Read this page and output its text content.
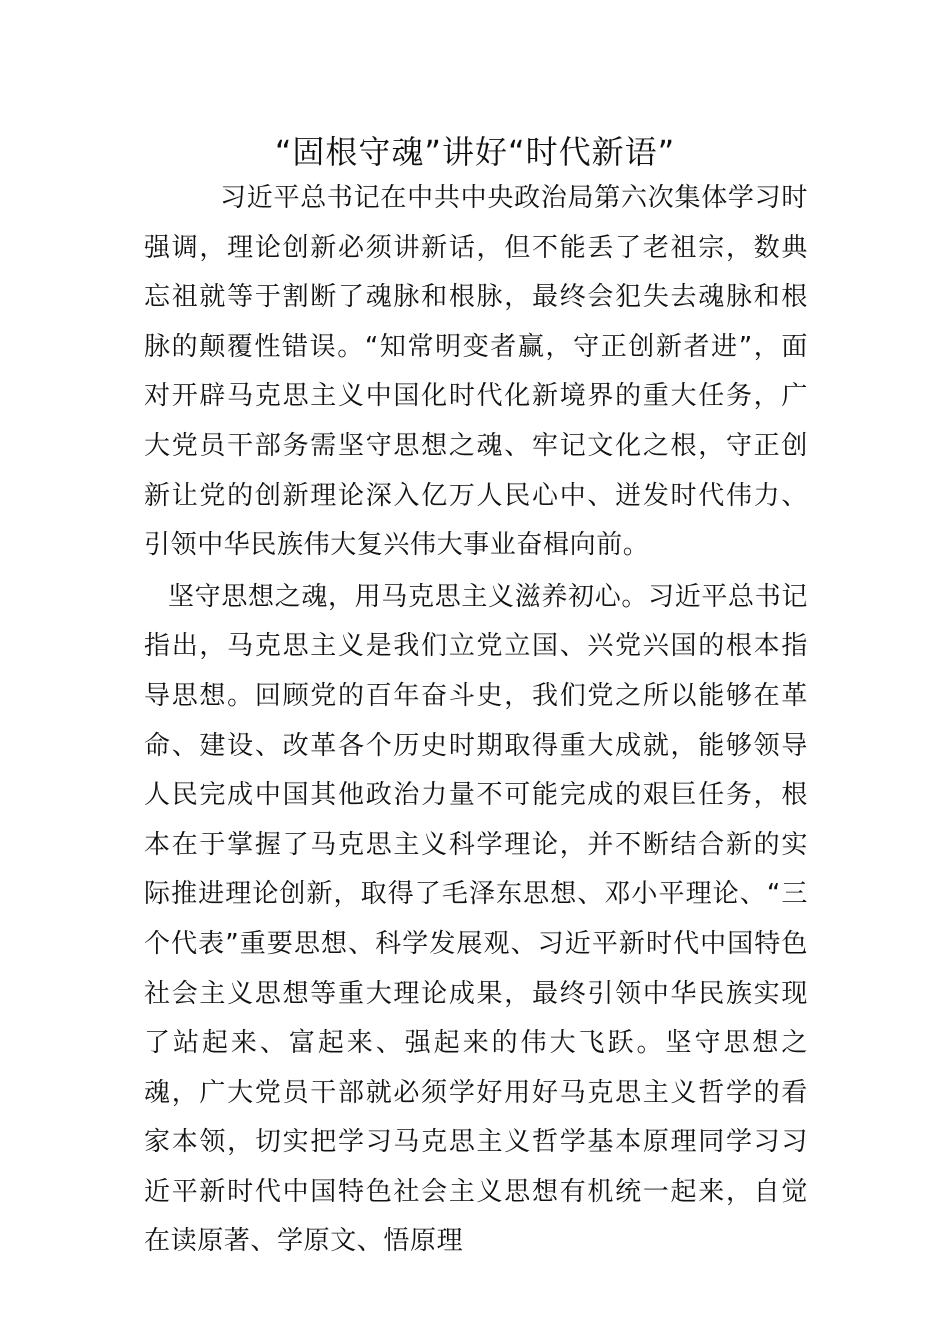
“固根守魂”讲好“时代新语”

习近平总书记在中共中央政治局第六次集体学习时强调，理论创新必须讲新话，但不能丢了老祖宗，数典忘祖就等于割断了魂脉和根脉，最终会犯失去魂脉和根脉的颠覆性错误。“知常明变者赢，守正创新者进”，面对开辟马克思主义中国化时代化新境界的重大任务，广大党员干部务需坚守思想之魂、牢记文化之根，守正创新让党的创新理论深入亿万人民心中、迸发时代伟力、引领中华民族伟大复兴伟大事业奋楫向前。

坚守思想之魂，用马克思主义滋养初心。习近平总书记指出，马克思主义是我们立党立国、兴党兴国的根本指导思想。回顾党的百年奋斗史，我们党之所以能够在革命、建设、改革各个历史时期取得重大成就，能够领导人民完成中国其他政治力量不可能完成的艰巨任务，根本在于掌握了马克思主义科学理论，并不断结合新的实际推进理论创新，取得了毛泽东思想、邓小平理论、“三个代表”重要思想、科学发展观、习近平新时代中国特色社会主义思想等重大理论成果，最终引领中华民族实现了站起来、富起来、强起来的伟大飞跃。坚守思想之魂，广大党员干部就必须学好用好马克思主义哲学的看家本领，切实把学习马克思主义哲学基本原理同学习习近平新时代中国特色社会主义思想有机统一起来，自觉在读原著、学原文、悟原理
